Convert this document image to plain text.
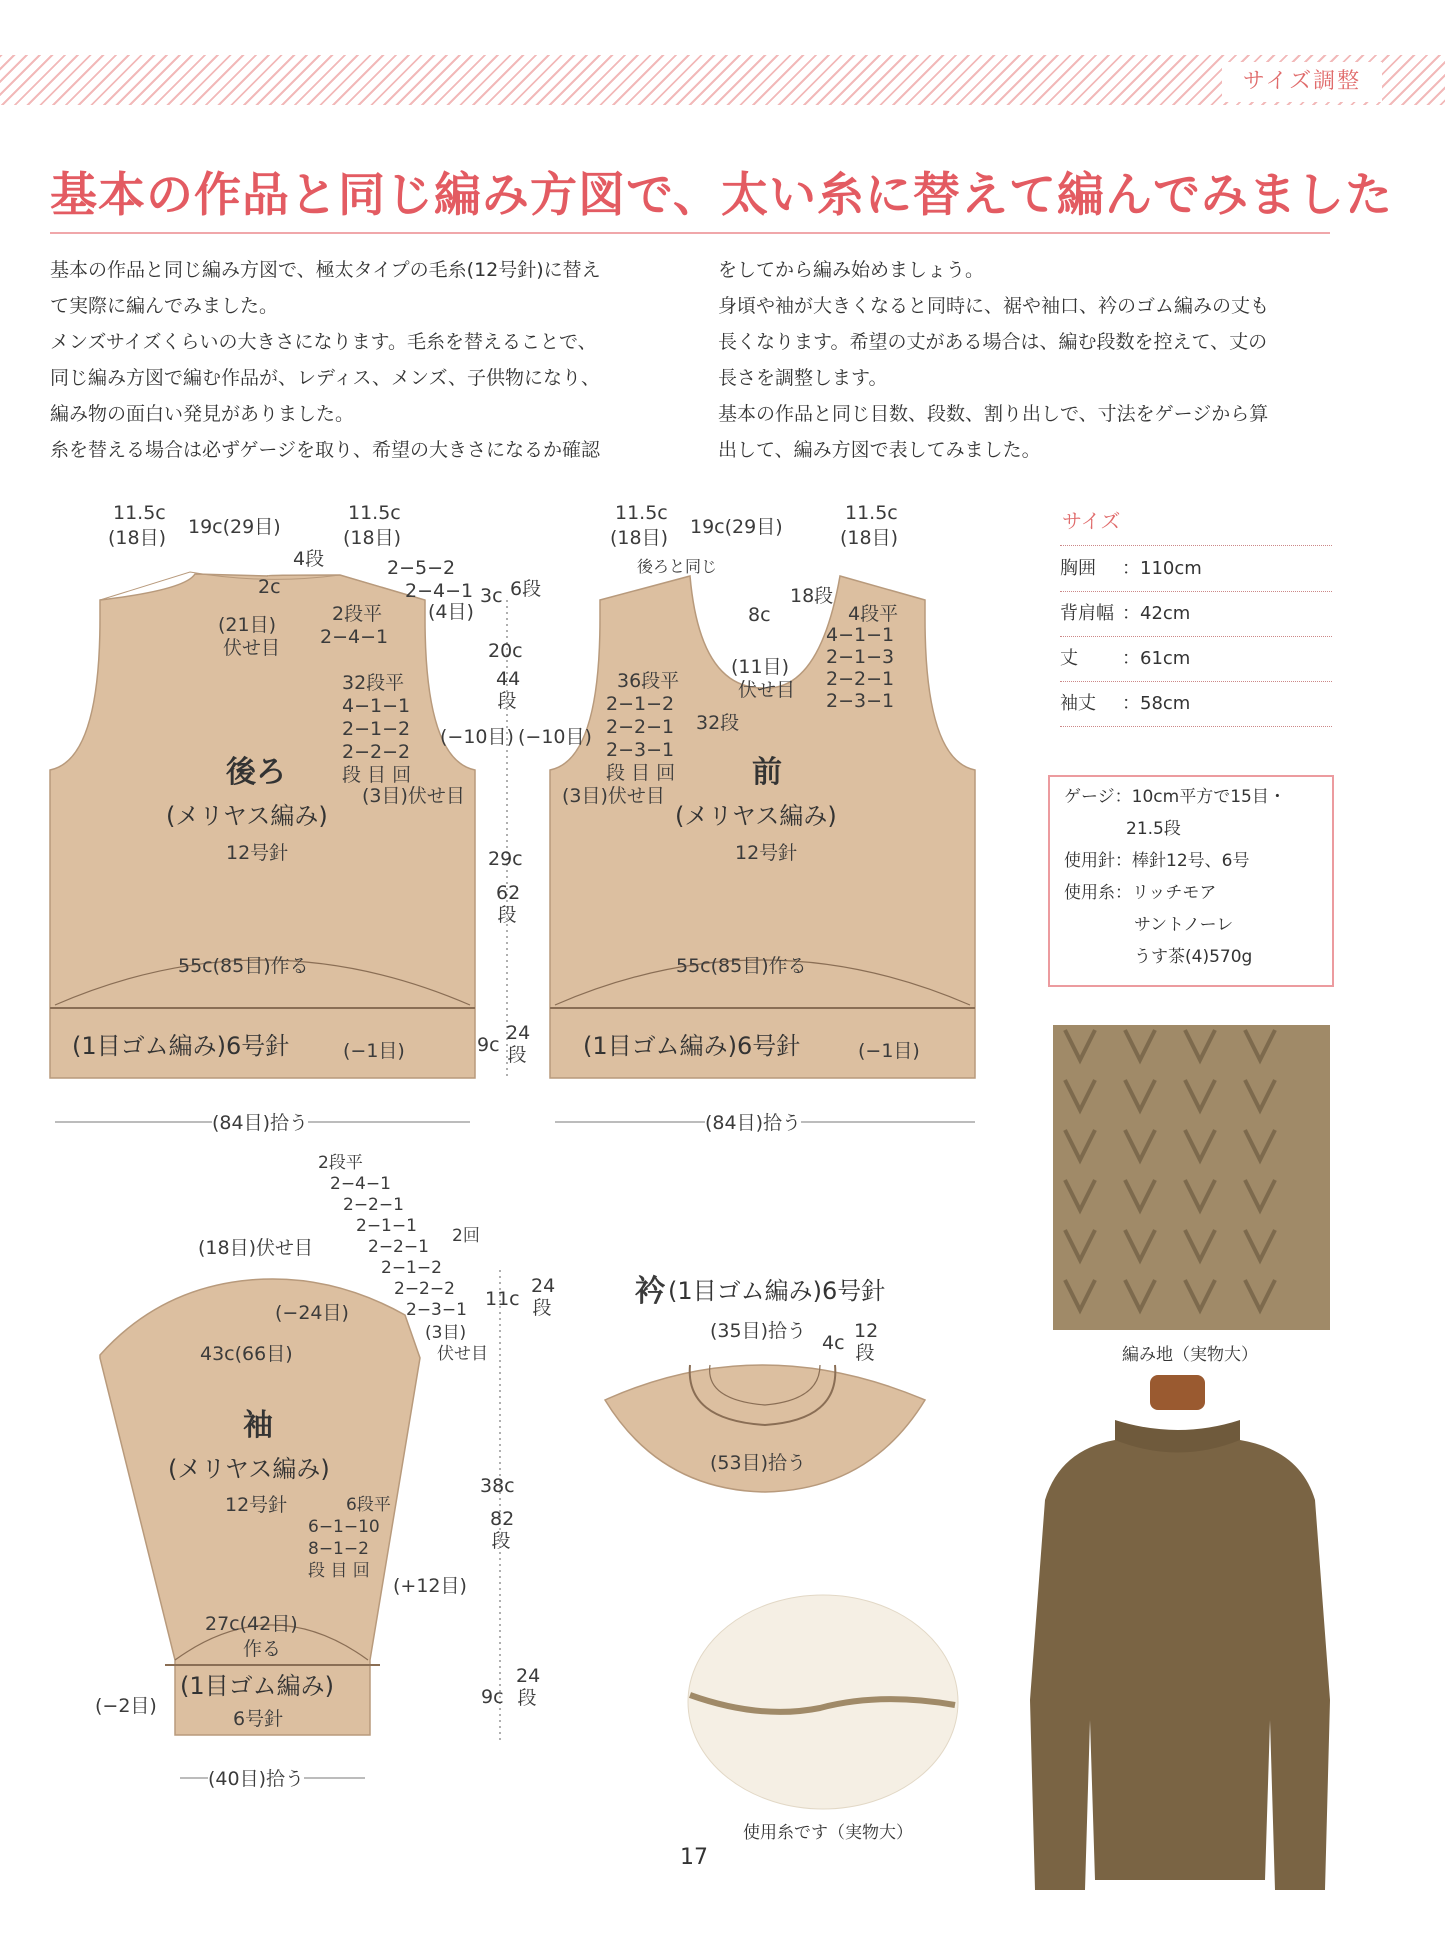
サイズ調整
基本の作品と同じ編み方図で、太い糸に替えて編んでみました

基本の作品と同じ編み方図で、極太タイプの毛糸(12号針)に替え

て実際に編んでみました。

メンズサイズくらいの大きさになります。毛糸を替えることで、

同じ編み方図で編む作品が、レディス、メンズ、子供物になり、

編み物の面白い発見がありました。

糸を替える場合は必ずゲージを取り、希望の大きさになるか確認

をしてから編み始めましょう。

身頃や袖が大きくなると同時に、裾や袖口、衿のゴム編みの丈も

長くなります。希望の丈がある場合は、編む段数を控えて、丈の

長さを調整します。

基本の作品と同じ目数、段数、割り出しで、寸法をゲージから算

出して、編み方図で表してみました。

11.5c
(18目) 19c(29目)
11.5c
(18目)
4段
2c
2−5−2
2−4−1
(4目)
3c 6段
(21目)
伏せ目
2段平
2−4−1
32段平
4−1−1
2−1−2
2−2−2
段 目 回
(3目)伏せ目
(−10目)
後ろ
(メリヤス編み)
12号針
55c(85目)作る
(1目ゴム編み)6号針	(−1目)
(84目)拾う
11.5c
(18目) 19c(29目)
11.5c
(18目)
後ろと同じ
8c
18段
(11目)
伏せ目
4段平
4−1−1
2−1−3
2−2−1
2−3−1
36段平
2−1−2
2−2−1
2−3−1
段 目 回
32段
(3目)伏せ目
(−10目)
前
(メリヤス編み)
12号針
55c(85目)作る
(1目ゴム編み)6号針	(−1目)
(84目)拾う
20c
44段
29c
62段
9c
24段
2段平
2−4−1
2−2−1
2−1−1
2−2−1
2−1−2
2−2−2
2−3−1
2回
(3目)
伏せ目
(18目)伏せ目
(−24目)
43c(66目)
11c
24段
袖
(メリヤス編み)
12号針	6段平
6−1−10
8−1−2
段 目 回
(+12目)
38c
82段
27c(42目)
作る
(1目ゴム編み)
6号針
(−2目)	9c
24段
(40目)拾う
衿 (1目ゴム編み)6号針
(35目)拾う
4c
12段
(53目)拾う
サイズ
胸囲 ：110cm
背肩幅 ：42cm
丈 ：61cm
袖丈 ：58cm
ゲージ：10cm平方で15目・
21.5段
使用針：棒針12号、6号
使用糸：リッチモア
サントノーレ
うす茶(4)570g
編み地（実物大）
使用糸です（実物大）
17
